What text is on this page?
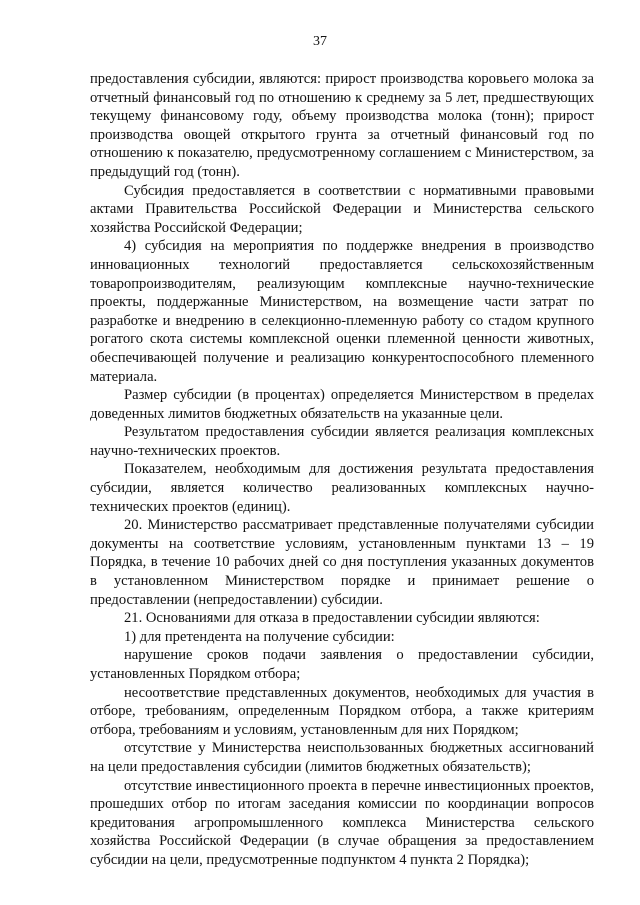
37

предоставления субсидии, являются: прирост производства коровьего молока за отчетный финансовый год по отношению к среднему за 5 лет, предшествующих текущему финансовому году, объему производства молока (тонн); прирост производства овощей открытого грунта за отчетный финансовый год по отношению к показателю, предусмотренному соглашением с Министерством, за предыдущий год (тонн).

Субсидия предоставляется в соответствии с нормативными правовыми актами Правительства Российской Федерации и Министерства сельского хозяйства Российской Федерации;

4) субсидия на мероприятия по поддержке внедрения в производство инновационных технологий предоставляется сельскохозяйственным товаропроизводителям, реализующим комплексные научно-технические проекты, поддержанные Министерством, на возмещение части затрат по разработке и внедрению в селекционно-племенную работу со стадом крупного рогатого скота системы комплексной оценки племенной ценности животных, обеспечивающей получение и реализацию конкурентоспособного племенного материала.

Размер субсидии (в процентах) определяется Министерством в пределах доведенных лимитов бюджетных обязательств на указанные цели.

Результатом предоставления субсидии является реализация комплексных научно-технических проектов.

Показателем, необходимым для достижения результата предоставления субсидии, является количество реализованных комплексных научно-технических проектов (единиц).

20. Министерство рассматривает представленные получателями субсидии документы на соответствие условиям, установленным пунктами 13 – 19 Порядка, в течение 10 рабочих дней со дня поступления указанных документов в установленном Министерством порядке и принимает решение о предоставлении (непредоставлении) субсидии.

21. Основаниями для отказа в предоставлении субсидии являются:

1) для претендента на получение субсидии:

нарушение сроков подачи заявления о предоставлении субсидии, установленных Порядком отбора;

несоответствие представленных документов, необходимых для участия в отборе, требованиям, определенным Порядком отбора, а также критериям отбора, требованиям и условиям, установленным для них Порядком;

отсутствие у Министерства неиспользованных бюджетных ассигнований на цели предоставления субсидии (лимитов бюджетных обязательств);

отсутствие инвестиционного проекта в перечне инвестиционных проектов, прошедших отбор по итогам заседания комиссии по координации вопросов кредитования агропромышленного комплекса Министерства сельского хозяйства Российской Федерации (в случае обращения за предоставлением субсидии на цели, предусмотренные подпунктом 4 пункта 2 Порядка);
